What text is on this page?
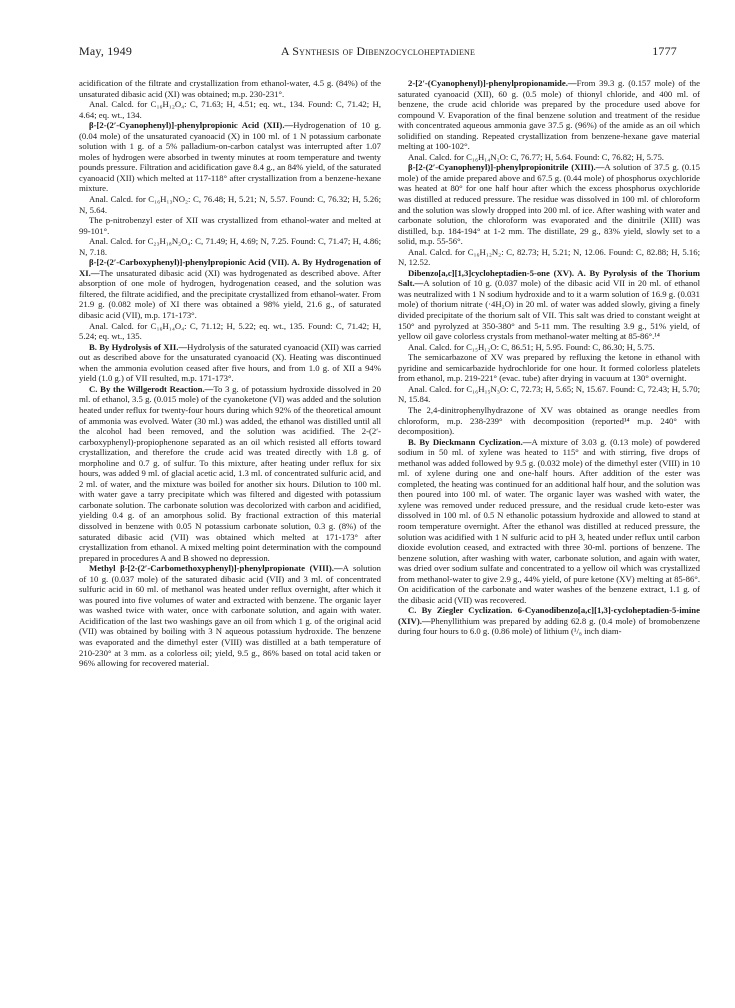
May, 1949	A Synthesis of Dibenzocycloheptadiene	1777

acidification of the filtrate and crystallization from ethanol-water, 4.5 g. (84%) of the unsaturated dibasic acid (XI) was obtained; m.p. 230-231°.

Anal. Calcd. for C₁₆H₁₂O₄: C, 71.63; H, 4.51; eq. wt., 134. Found: C, 71.42; H, 4.64; eq. wt., 134.

β-[2-(2′-Cyanophenyl)]-phenylpropionic Acid (XII).—Hydrogenation of 10 g. (0.04 mole) of the unsaturated cyanoacid (X) in 100 ml. of 1 N potassium carbonate solution with 1 g. of a 5% palladium-on-carbon catalyst was interrupted after 1.07 moles of hydrogen were absorbed in twenty minutes at room temperature and twenty pounds pressure. Filtration and acidification gave 8.4 g., an 84% yield, of the saturated cyanoacid (XII) which melted at 117-118° after crystallization from a benzene-hexane mixture.

Anal. Calcd. for C₁₆H₁₃NO₂: C, 76.48; H, 5.21; N, 5.57. Found: C, 76.32; H, 5.26; N, 5.64.

The p-nitrobenzyl ester of XII was crystallized from ethanol-water and melted at 99-101°.

Anal. Calcd. for C₂₃H₁₈N₂O₄: C, 71.49; H, 4.69; N, 7.25. Found: C, 71.47; H, 4.86; N, 7.18.

β-[2-(2′-Carboxyphenyl)]-phenylpropionic Acid (VII). A. By Hydrogenation of XI.—The unsaturated dibasic acid (XI) was hydrogenated as described above. After absorption of one mole of hydrogen, hydrogenation ceased, and the solution was filtered, the filtrate acidified, and the precipitate crystallized from ethanol-water. From 21.9 g. (0.082 mole) of XI there was obtained a 98% yield, 21.6 g., of saturated dibasic acid (VII), m.p. 171-173°.

Anal. Calcd. for C₁₆H₁₄O₄: C, 71.12; H, 5.22; eq. wt., 135. Found: C, 71.42; H, 5.24; eq. wt., 135.

B. By Hydrolysis of XII.—Hydrolysis of the saturated cyanoacid (XII) was carried out as described above for the unsaturated cyanoacid (X). Heating was discontinued when the ammonia evolution ceased after five hours, and from 1.0 g. of XII a 94% yield (1.0 g.) of VII resulted, m.p. 171-173°.

C. By the Willgerodt Reaction.—To 3 g. of potassium hydroxide dissolved in 20 ml. of ethanol, 3.5 g. (0.015 mole) of the cyanoketone (VI) was added and the solution heated under reflux for twenty-four hours during which 92% of the theoretical amount of ammonia was evolved. Water (30 ml.) was added, the ethanol was distilled until all the alcohol had been removed, and the solution was acidified. The 2-(2′-carboxyphenyl)-propiophenone separated as an oil which resisted all efforts toward crystallization, and therefore the crude acid was treated directly with 1.8 g. of morpholine and 0.7 g. of sulfur. To this mixture, after heating under reflux for six hours, was added 9 ml. of glacial acetic acid, 1.3 ml. of concentrated sulfuric acid, and 2 ml. of water, and the mixture was boiled for another six hours. Dilution to 100 ml. with water gave a tarry precipitate which was filtered and digested with potassium carbonate solution. The carbonate solution was decolorized with carbon and acidified, yielding 0.4 g. of an amorphous solid. By fractional extraction of this material dissolved in benzene with 0.05 N potassium carbonate solution, 0.3 g. (8%) of the saturated dibasic acid (VII) was obtained which melted at 171-173° after crystallization from ethanol. A mixed melting point determination with the compound prepared in procedures A and B showed no depression.

Methyl β-[2-(2′-Carbomethoxyphenyl)]-phenylpropionate (VIII).—A solution of 10 g. (0.037 mole) of the saturated dibasic acid (VII) and 3 ml. of concentrated sulfuric acid in 60 ml. of methanol was heated under reflux overnight, after which it was poured into five volumes of water and extracted with benzene. The organic layer was washed twice with water, once with carbonate solution, and again with water. Acidification of the last two washings gave an oil from which 1 g. of the original acid (VII) was obtained by boiling with 3 N aqueous potassium hydroxide. The benzene was evaporated and the dimethyl ester (VIII) was distilled at a bath temperature of 210-230° at 3 mm. as a colorless oil; yield, 9.5 g., 86% based on total acid taken or 96% allowing for recovered material.

2-[2′-(Cyanophenyl)]-phenylpropionamide.—From 39.3 g. (0.157 mole) of the saturated cyanoacid (XII), 60 g. (0.5 mole) of thionyl chloride, and 400 ml. of benzene, the crude acid chloride was prepared by the procedure used above for compound V. Evaporation of the final benzene solution and treatment of the residue with concentrated aqueous ammonia gave 37.5 g. (96%) of the amide as an oil which solidified on standing. Repeated crystallization from benzene-hexane gave material melting at 100-102°.

Anal. Calcd. for C₁₆H₁₄N₂O: C, 76.77; H, 5.64. Found: C, 76.82; H, 5.75.

β-[2-(2′-Cyanophenyl)]-phenylpropionitrile (XIII).—A solution of 37.5 g. (0.15 mole) of the amide prepared above and 67.5 g. (0.44 mole) of phosphorus oxychloride was heated at 80° for one half hour after which the excess phosphorus oxychloride was distilled at reduced pressure. The residue was dissolved in 100 ml. of chloroform and the solution was slowly dropped into 200 ml. of ice. After washing with water and carbonate solution, the chloroform was evaporated and the dinitrile (XIII) was distilled, b.p. 184-194° at 1-2 mm. The distillate, 29 g., 83% yield, slowly set to a solid, m.p. 55-56°.

Anal. Calcd. for C₁₆H₁₂N₂: C, 82.73; H, 5.21; N, 12.06. Found: C, 82.88; H, 5.16; N, 12.52.

Dibenzo[a,c][1,3]cycloheptadien-5-one (XV). A. By Pyrolysis of the Thorium Salt.—A solution of 10 g. (0.037 mole) of the dibasic acid VII in 20 ml. of ethanol was neutralized with 1 N sodium hydroxide and to it a warm solution of 16.9 g. (0.031 mole) of thorium nitrate (·4H₂O) in 20 ml. of water was added slowly, giving a finely divided precipitate of the thorium salt of VII. This salt was dried to constant weight at 150° and pyrolyzed at 350-380° and 5-11 mm. The resulting 3.9 g., 51% yield, of yellow oil gave colorless crystals from methanol-water melting at 85-86°.¹⁴

Anal. Calcd. for C₁₅H₁₂O: C, 86.51; H, 5.95. Found: C, 86.30; H, 5.75.

The semicarbazone of XV was prepared by refluxing the ketone in ethanol with pyridine and semicarbazide hydrochloride for one hour. It formed colorless platelets from ethanol, m.p. 219-221° (evac. tube) after drying in vacuum at 130° overnight.

Anal. Calcd. for C₁₆H₁₅N₃O: C, 72.73; H, 5.65; N, 15.67. Found: C, 72.43; H, 5.70; N, 15.84.

The 2,4-dinitrophenylhydrazone of XV was obtained as orange needles from chloroform, m.p. 238-239° with decomposition (reported¹⁴ m.p. 240° with decomposition).

B. By Dieckmann Cyclization.—A mixture of 3.03 g. (0.13 mole) of powdered sodium in 50 ml. of xylene was heated to 115° and with stirring, five drops of methanol was added followed by 9.5 g. (0.032 mole) of the dimethyl ester (VIII) in 10 ml. of xylene during one and one-half hours. After addition of the ester was completed, the heating was continued for an additional half hour, and the solution was then poured into 100 ml. of water. The organic layer was washed with water, the xylene was removed under reduced pressure, and the residual crude keto-ester was dissolved in 100 ml. of 0.5 N ethanolic potassium hydroxide and allowed to stand at room temperature overnight. After the ethanol was distilled at reduced pressure, the solution was acidified with 1 N sulfuric acid to pH 3, heated under reflux until carbon dioxide evolution ceased, and extracted with three 30-ml. portions of benzene. The benzene solution, after washing with water, carbonate solution, and again with water, was dried over sodium sulfate and concentrated to a yellow oil which was crystallized from methanol-water to give 2.9 g., 44% yield, of pure ketone (XV) melting at 85-86°. On acidification of the carbonate and water washes of the benzene extract, 1.1 g. of the dibasic acid (VII) was recovered.

C. By Ziegler Cyclization. 6-Cyanodibenzo[a,c][1,3]-cycloheptadien-5-imine (XIV).—Phenyllithium was prepared by adding 62.8 g. (0.4 mole) of bromobenzene during four hours to 6.0 g. (0.86 mole) of lithium (¹/₈ inch diam-
